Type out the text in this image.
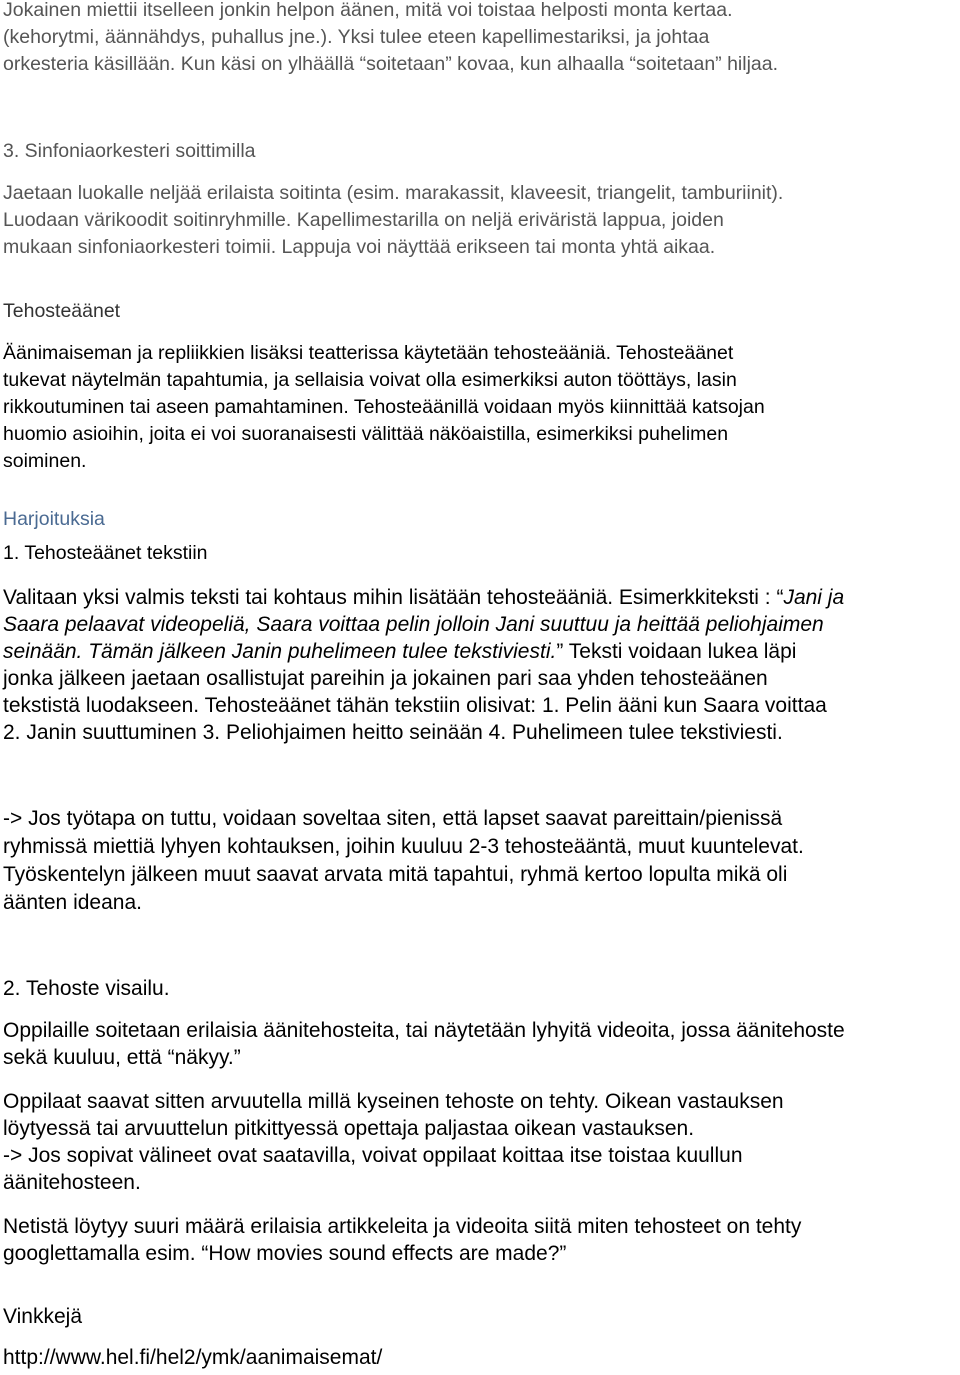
Jokainen miettii itselleen jonkin helpon äänen, mitä voi toistaa helposti monta kertaa.

(kehorytmi, äännähdys, puhallus jne.). Yksi tulee eteen kapellimestariksi, ja johtaa

orkesteria käsillään. Kun käsi on ylhäällä “soitetaan” kovaa, kun alhaalla “soitetaan” hiljaa.

3. Sinfoniaorkesteri soittimilla

Jaetaan luokalle neljää erilaista soitinta (esim. marakassit, klaveesit, triangelit, tamburiinit).

Luodaan värikoodit soitinryhmille. Kapellimestarilla on neljä eriväristä lappua, joiden

mukaan sinfoniaorkesteri toimii. Lappuja voi näyttää erikseen tai monta yhtä aikaa.

Tehosteäänet

Äänimaiseman ja repliikkien lisäksi teatterissa käytetään tehosteääniä. Tehosteäänet

tukevat näytelmän tapahtumia, ja sellaisia voivat olla esimerkiksi auton tööttäys, lasin

rikkoutuminen tai aseen pamahtaminen. Tehosteäänillä voidaan myös kiinnittää katsojan

huomio asioihin, joita ei voi suoranaisesti välittää näköaistilla, esimerkiksi puhelimen

soiminen.

Harjoituksia

1. Tehosteäänet tekstiin

Valitaan yksi valmis teksti tai kohtaus mihin lisätään tehosteääniä. Esimerkkiteksti : “Jani ja

Saara pelaavat videopeliä, Saara voittaa pelin jolloin Jani suuttuu ja heittää peliohjaimen

seinään. Tämän jälkeen Janin puhelimeen tulee tekstiviesti.” Teksti voidaan lukea läpi

jonka jälkeen jaetaan osallistujat pareihin ja jokainen pari saa yhden tehosteäänen

tekstistä luodakseen. Tehosteäänet tähän tekstiin olisivat: 1. Pelin ääni kun Saara voittaa

2. Janin suuttuminen 3. Peliohjaimen heitto seinään 4. Puhelimeen tulee tekstiviesti.

-> Jos työtapa on tuttu, voidaan soveltaa siten, että lapset saavat pareittain/pienissä

ryhmissä miettiä lyhyen kohtauksen, joihin kuuluu 2-3 tehosteääntä, muut kuuntelevat.

Työskentelyn jälkeen muut saavat arvata mitä tapahtui, ryhmä kertoo lopulta mikä oli

äänten ideana.

2. Tehoste visailu.

Oppilaille soitetaan erilaisia äänitehosteita, tai näytetään lyhyitä videoita, jossa äänitehoste

sekä kuuluu, että “näkyy.”

Oppilaat saavat sitten arvuutella millä kyseinen tehoste on tehty. Oikean vastauksen

löytyessä tai arvuuttelun pitkittyessä opettaja paljastaa oikean vastauksen.

-> Jos sopivat välineet ovat saatavilla, voivat oppilaat koittaa itse toistaa kuullun

äänitehosteen.

Netistä löytyy suuri määrä erilaisia artikkeleita ja videoita siitä miten tehosteet on tehty

googlettamalla esim. “How movies sound effects are made?”

Vinkkejä

http://www.hel.fi/hel2/ymk/aanimaisemat/
